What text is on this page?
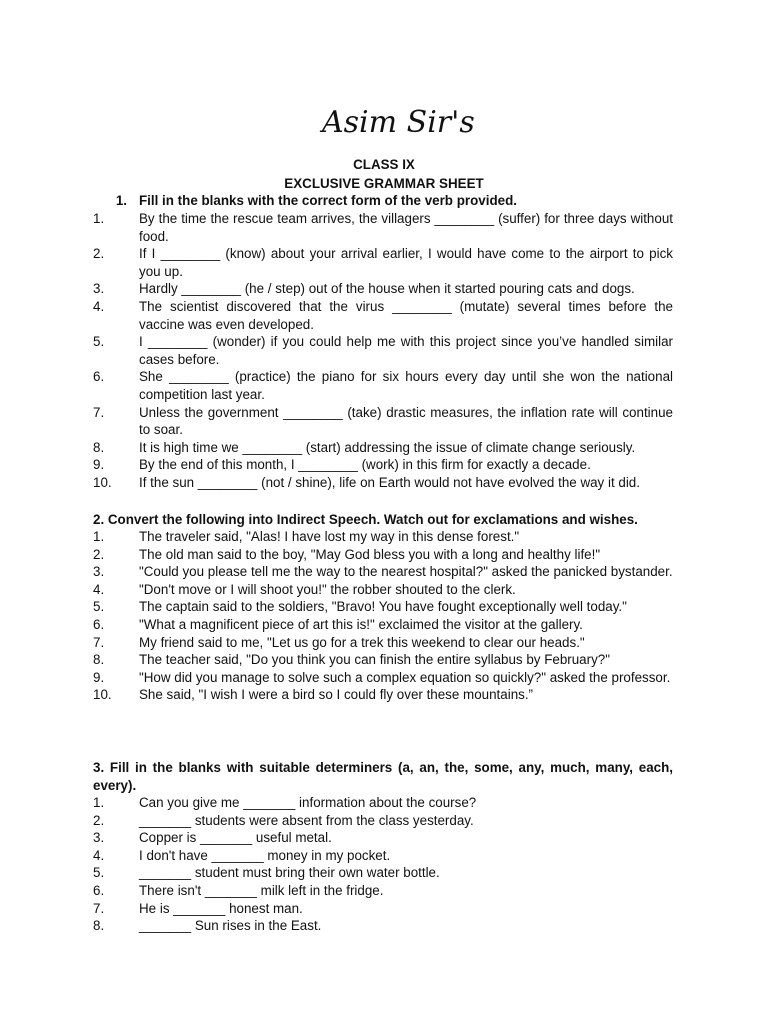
Asim Sir's
CLASS IX
EXCLUSIVE GRAMMAR SHEET
1. Fill in the blanks with the correct form of the verb provided.
1.	By the time the rescue team arrives, the villagers ________ (suffer) for three days without food.
2.	If I ________ (know) about your arrival earlier, I would have come to the airport to pick you up.
3.	Hardly ________ (he / step) out of the house when it started pouring cats and dogs.
4.	The scientist discovered that the virus ________ (mutate) several times before the vaccine was even developed.
5.	I ________ (wonder) if you could help me with this project since you’ve handled similar cases before.
6.	She ________ (practice) the piano for six hours every day until she won the national competition last year.
7.	Unless the government ________ (take) drastic measures, the inflation rate will continue to soar.
8.	It is high time we ________ (start) addressing the issue of climate change seriously.
9.	By the end of this month, I ________ (work) in this firm for exactly a decade.
10.	If the sun ________ (not / shine), life on Earth would not have evolved the way it did.
2. Convert the following into Indirect Speech. Watch out for exclamations and wishes.
1.	The traveler said, "Alas! I have lost my way in this dense forest."
2.	The old man said to the boy, "May God bless you with a long and healthy life!"
3.	"Could you please tell me the way to the nearest hospital?" asked the panicked bystander.
4.	"Don't move or I will shoot you!" the robber shouted to the clerk.
5.	The captain said to the soldiers, "Bravo! You have fought exceptionally well today."
6.	"What a magnificent piece of art this is!" exclaimed the visitor at the gallery.
7.	My friend said to me, "Let us go for a trek this weekend to clear our heads."
8.	The teacher said, "Do you think you can finish the entire syllabus by February?"
9.	"How did you manage to solve such a complex equation so quickly?" asked the professor.
10.	She said, "I wish I were a bird so I could fly over these mountains.”
3. Fill in the blanks with suitable determiners (a, an, the, some, any, much, many, each, every).
1.	Can you give me _______ information about the course?
2.	_______ students were absent from the class yesterday.
3.	Copper is _______ useful metal.
4.	I don't have _______ money in my pocket.
5.	_______ student must bring their own water bottle.
6.	There isn't _______ milk left in the fridge.
7.	He is _______ honest man.
8.	_______ Sun rises in the East.
